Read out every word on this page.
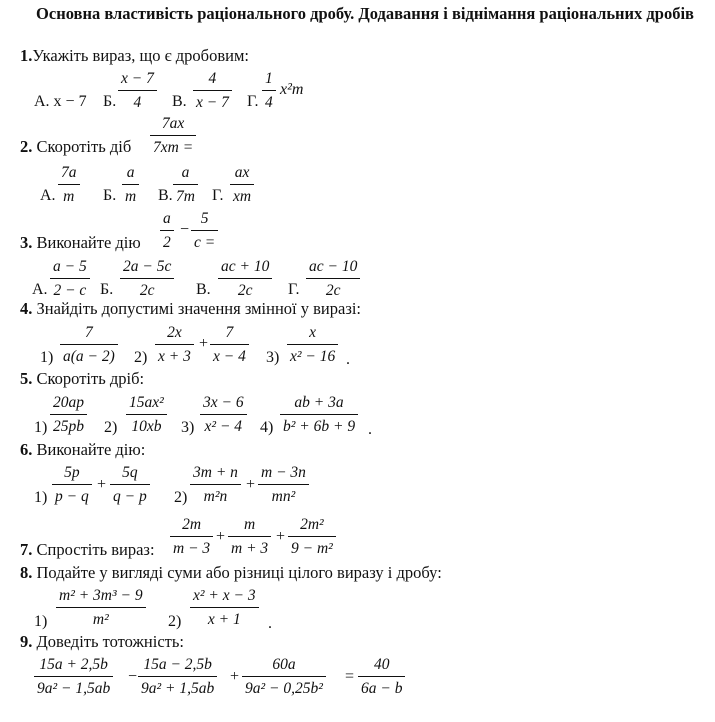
Основна властивість раціонального дробу. Додавання і віднімання раціональних дробів
1.Укажіть вираз, що є дробовим:
А. х − 7 Б.
x − 7
4 В.
4
x − 7 Г.
1
4
x²m
2. Скоротіть діб
7ax
7xm =
А.
7a
m Б.
a
m В.
a
7m Г.
ax
xm
3. Виконайте дію
a
2
−
5
c =
А.
a − 5
2 − c Б.
2a − 5c
2c	В.
ac + 10
2c Г.
ac − 10
2c
4. Знайдіть допустимі значення змінної у виразі:
1)
7
a(a − 2) 2)
2x
x + 3
+
7
x − 4 3)
x
x² − 16 .
5. Скоротіть дріб:
1)
20ap
25pb 2)
15ax²
10xb 3)
3x − 6
x² − 4 4)
ab + 3a
b² + 6b + 9 .
6. Виконайте дію:
1)
5p
p − q
+
5q
q − p 2)
3m + n
m²n
+
m − 3n
mn²
7. Спростіть вираз:
2m
m − 3
+
m
m + 3
+
2m²
9 − m²
8. Подайте у вигляді суми або різниці цілого виразу і дробу:
1)
m² + 3m³ − 9
m²	2)
x² + x − 3
x + 1 .
9. Доведіть тотожність:
15a + 2,5b
9a² − 1,5ab
−
15a − 2,5b
9a² + 1,5ab
+
60a
9a² − 0,25b²
=
40
6a − b
